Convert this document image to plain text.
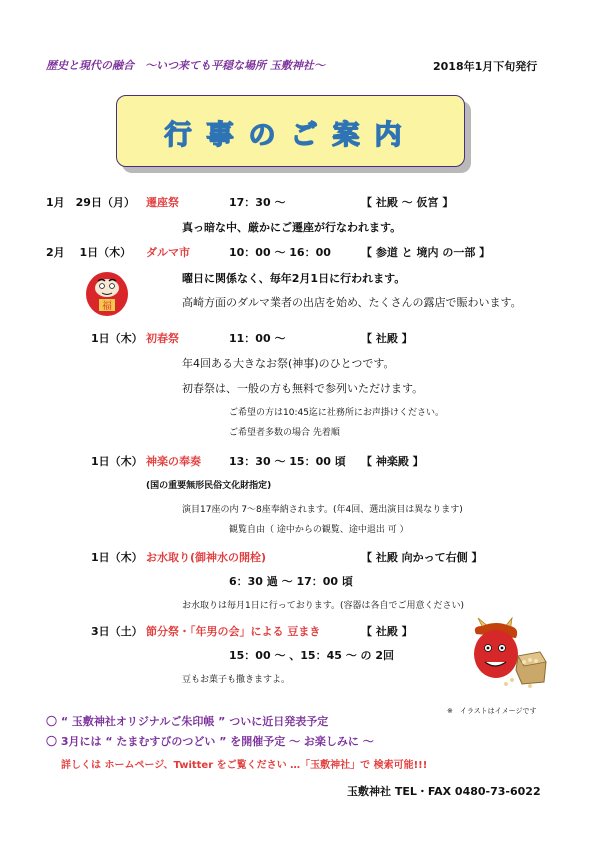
歴史と現代の融合　〜いつ来ても平穏な場所 玉敷神社〜	2018年1月下旬発行
行事のご案内
1月　29日（月） 遷座祭	17：30 〜	【 社殿 〜 仮宮 】
真っ暗な中、厳かにご遷座が行なわれます。
2月　 1日（木） ダルマ市	10：00 〜 16：00	【 参道 と 境内 の一部 】
曜日に関係なく、毎年2月1日に行われます。
高崎方面のダルマ業者の出店を始め、たくさんの露店で賑わいます。
福
1日（木） 初春祭	11：00 〜	【 社殿 】
年4回ある大きなお祭(神事)のひとつです。
初春祭は、一般の方も無料で参列いただけます。
ご希望の方は10:45迄に社務所にお声掛けください。
ご希望者多数の場合 先着順
1日（木） 神楽の奉奏	13：30 〜 15：00 頃 【 神楽殿 】
(国の重要無形民俗文化財指定)
演目17座の内 7〜8座奉納されます。(年4回、選出演目は異なります)
観覧自由（ 途中からの観覧、途中退出 可 ）
1日（木） お水取り(御神水の開栓)	【 社殿 向かって右側 】
6：30 過 〜 17：00 頃
お水取りは毎月1日に行っております。(容器は各自でご用意ください)
3日（土） 節分祭・「年男の会」による 豆まき	【 社殿 】
15：00 〜 、15：45 〜 の 2回
豆もお菓子も撒きますよ。
※　イラストはイメージです
〇 “ 玉敷神社オリジナルご朱印帳 ” ついに近日発表予定
〇 3月には “ たまむすびのつどい ” を開催予定 〜 お楽しみに 〜
詳しくは ホームページ、Twitter をご覧ください …「玉敷神社」で 検索可能!!!
玉敷神社 TEL・FAX 0480-73-6022
